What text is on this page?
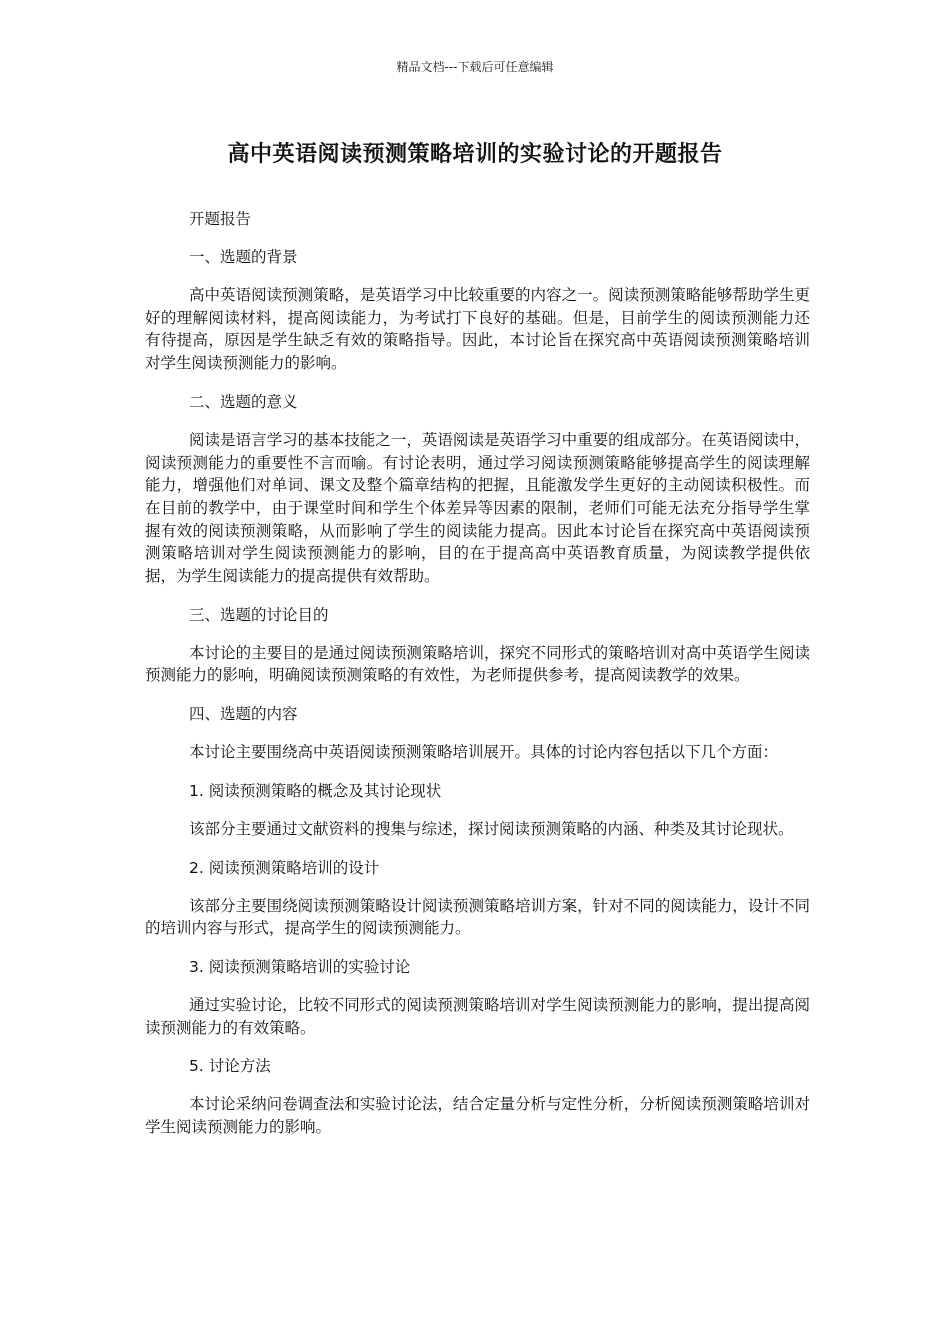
精品文档---下载后可任意编辑
高中英语阅读预测策略培训的实验讨论的开题报告

开题报告

一、选题的背景

高中英语阅读预测策略，是英语学习中比较重要的内容之一。阅读预测策略能够帮助学生更好的理解阅读材料，提高阅读能力，为考试打下良好的基础。但是，目前学生的阅读预测能力还有待提高，原因是学生缺乏有效的策略指导。因此，本讨论旨在探究高中英语阅读预测策略培训对学生阅读预测能力的影响。

二、选题的意义

阅读是语言学习的基本技能之一，英语阅读是英语学习中重要的组成部分。在英语阅读中，阅读预测能力的重要性不言而喻。有讨论表明，通过学习阅读预测策略能够提高学生的阅读理解能力，增强他们对单词、课文及整个篇章结构的把握，且能激发学生更好的主动阅读积极性。而在目前的教学中，由于课堂时间和学生个体差异等因素的限制，老师们可能无法充分指导学生掌握有效的阅读预测策略，从而影响了学生的阅读能力提高。因此本讨论旨在探究高中英语阅读预测策略培训对学生阅读预测能力的影响，目的在于提高高中英语教育质量，为阅读教学提供依据，为学生阅读能力的提高提供有效帮助。

三、选题的讨论目的

本讨论的主要目的是通过阅读预测策略培训，探究不同形式的策略培训对高中英语学生阅读预测能力的影响，明确阅读预测策略的有效性，为老师提供参考，提高阅读教学的效果。

四、选题的内容

本讨论主要围绕高中英语阅读预测策略培训展开。具体的讨论内容包括以下几个方面：

1. 阅读预测策略的概念及其讨论现状

该部分主要通过文献资料的搜集与综述，探讨阅读预测策略的内涵、种类及其讨论现状。

2. 阅读预测策略培训的设计

该部分主要围绕阅读预测策略设计阅读预测策略培训方案，针对不同的阅读能力，设计不同的培训内容与形式，提高学生的阅读预测能力。

3. 阅读预测策略培训的实验讨论

通过实验讨论，比较不同形式的阅读预测策略培训对学生阅读预测能力的影响，提出提高阅读预测能力的有效策略。

5. 讨论方法

本讨论采纳问卷调查法和实验讨论法，结合定量分析与定性分析，分析阅读预测策略培训对学生阅读预测能力的影响。
